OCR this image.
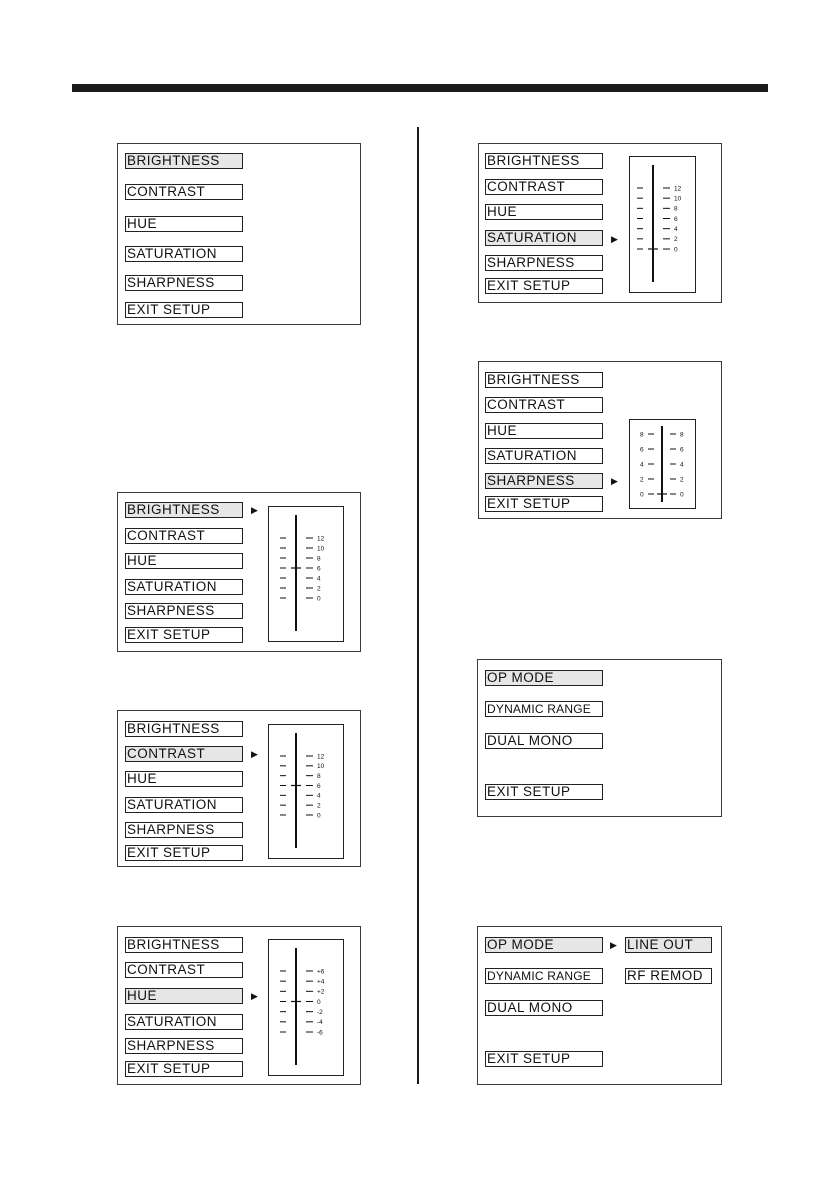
BRIGHTNESS
CONTRAST
HUE
SATURATION
SHARPNESS
EXIT SETUP
BRIGHTNESS
CONTRAST
HUE
SATURATION
SHARPNESS
EXIT SETUP
▶
12
10
8
6
4
2
0
BRIGHTNESS
CONTRAST
HUE
SATURATION
SHARPNESS
EXIT SETUP
▶	12
10
8
6
4
2
0
BRIGHTNESS
CONTRAST
HUE
SATURATION
SHARPNESS
EXIT SETUP
▶
+6
+4
+2
0
-2
-4
-6
BRIGHTNESS
CONTRAST
HUE
SATURATION
SHARPNESS
EXIT SETUP
▶
12
10
8
6
4
2
0
BRIGHTNESS
CONTRAST
HUE
SATURATION
SHARPNESS
EXIT SETUP
▶
8	8
6	6
4	4
2	2
0	0
OP MODE
DYNAMIC RANGE
DUAL MONO
EXIT SETUP
OP MODE
DYNAMIC RANGE
DUAL MONO
EXIT SETUP
▶ LINE OUT
RF REMOD
